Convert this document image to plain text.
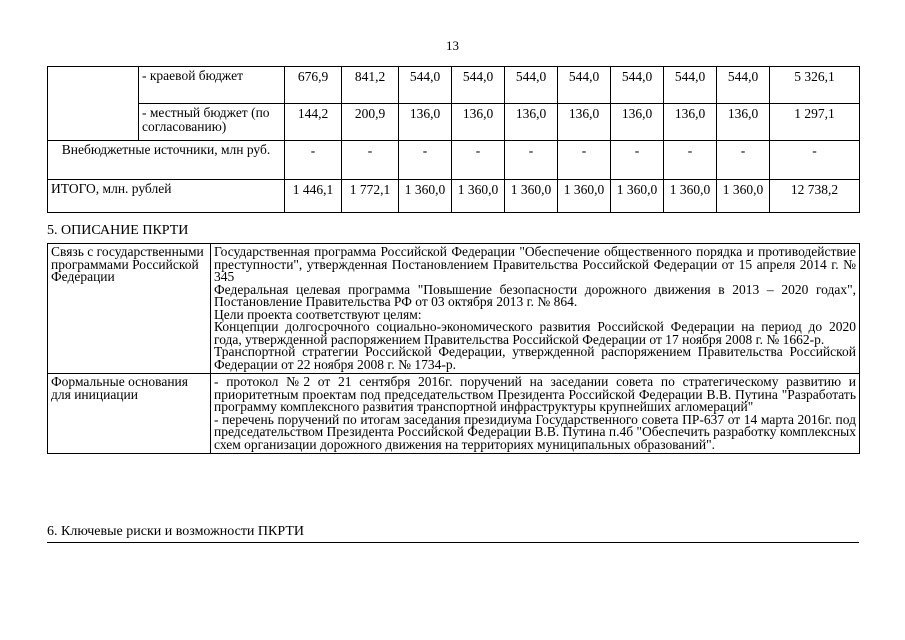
13
	- краевой бюджет	676,9	841,2	544,0	544,0	544,0	544,0	544,0	544,0	544,0	5 326,1
	- местный бюджет (по согласованию)	144,2	200,9	136,0	136,0	136,0	136,0	136,0	136,0	136,0	1 297,1
Внебюджетные источники, млн руб.		-	-	-	-	-	-	-	-	-	-
ИТОГО, млн. рублей		1 446,1	1 772,1	1 360,0	1 360,0	1 360,0	1 360,0	1 360,0	1 360,0	1 360,0	12 738,2
5. ОПИСАНИЕ ПКРТИ
Связь с государственными программами Российской Федерации	Государственная программа Российской Федерации "Обеспечение общественного порядка и противодействие преступности", утвержденная Постановлением Правительства Российской Федерации от 15 апреля 2014 г. № 345

Федеральная целевая программа "Повышение безопасности дорожного движения в 2013 – 2020 годах", Постановление Правительства РФ от 03 октября 2013 г. № 864.

Цели проекта соответствуют целям:

Концепции долгосрочного социально-экономического развития Российской Федерации на период до 2020 года, утвержденной распоряжением Правительства Российской Федерации от 17 ноября 2008 г. № 1662-р.

Транспортной стратегии Российской Федерации, утвержденной распоряжением Правительства Российской Федерации от 22 ноября 2008 г. № 1734-р.

Формальные основания для инициации	- протокол №2 от 21 сентября 2016г. поручений на заседании совета по стратегическому развитию и приоритетным проектам под председательством Президента Российской Федерации В.В. Путина "Разработать программу комплексного развития транспортной инфраструктуры крупнейших агломераций"

- перечень поручений по итогам заседания президиума Государственного совета ПР-637 от 14 марта 2016г. под председательством Президента Российской Федерации В.В. Путина п.4б "Обеспечить разработку комплексных схем организации дорожного движения на территориях муниципальных образований".

6. Ключевые риски и возможности ПКРТИ
